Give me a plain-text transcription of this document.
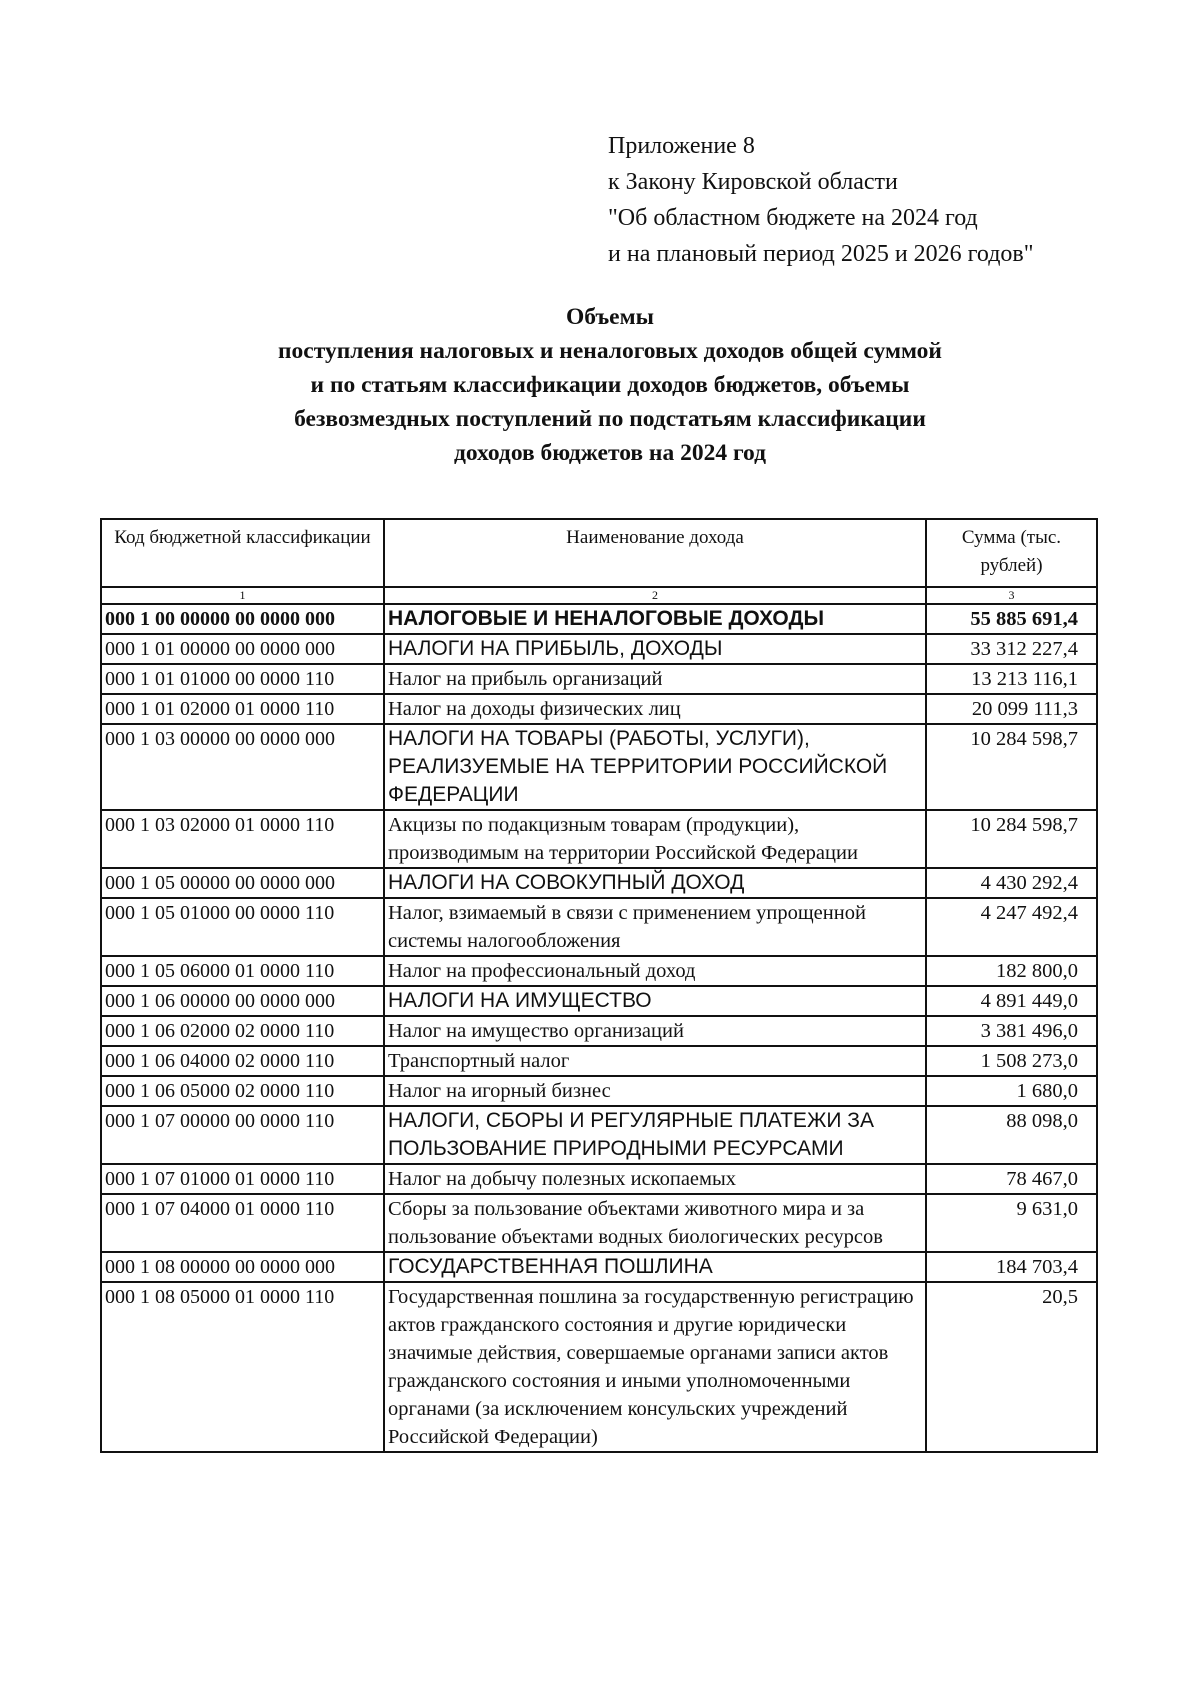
Приложение 8
к Закону Кировской области
"Об областном бюджете на 2024 год
и на плановый период 2025 и 2026 годов"
Объемы
поступления налоговых и неналоговых доходов общей суммой
и по статьям классификации доходов бюджетов, объемы
безвозмездных поступлений по подстатьям классификации
доходов бюджетов на 2024 год
Код бюджетной классификации	Наименование дохода	Сумма (тыс. рублей)
1	2	3
000 1 00 00000 00 0000 000	НАЛОГОВЫЕ И НЕНАЛОГОВЫЕ ДОХОДЫ	55 885 691,4
000 1 01 00000 00 0000 000	НАЛОГИ НА ПРИБЫЛЬ, ДОХОДЫ	33 312 227,4
000 1 01 01000 00 0000 110	Налог на прибыль организаций	13 213 116,1
000 1 01 02000 01 0000 110	Налог на доходы физических лиц	20 099 111,3
000 1 03 00000 00 0000 000	НАЛОГИ НА ТОВАРЫ (РАБОТЫ, УСЛУГИ), РЕАЛИЗУЕМЫЕ НА ТЕРРИТОРИИ РОССИЙСКОЙ ФЕДЕРАЦИИ	10 284 598,7
000 1 03 02000 01 0000 110	Акцизы по подакцизным товарам (продукции), производимым на территории Российской Федерации	10 284 598,7
000 1 05 00000 00 0000 000	НАЛОГИ НА СОВОКУПНЫЙ ДОХОД	4 430 292,4
000 1 05 01000 00 0000 110	Налог, взимаемый в связи с применением упрощенной системы налогообложения	4 247 492,4
000 1 05 06000 01 0000 110	Налог на профессиональный доход	182 800,0
000 1 06 00000 00 0000 000	НАЛОГИ НА ИМУЩЕСТВО	4 891 449,0
000 1 06 02000 02 0000 110	Налог на имущество организаций	3 381 496,0
000 1 06 04000 02 0000 110	Транспортный налог	1 508 273,0
000 1 06 05000 02 0000 110	Налог на игорный бизнес	1 680,0
000 1 07 00000 00 0000 110	НАЛОГИ, СБОРЫ И РЕГУЛЯРНЫЕ ПЛАТЕЖИ ЗА ПОЛЬЗОВАНИЕ ПРИРОДНЫМИ РЕСУРСАМИ	88 098,0
000 1 07 01000 01 0000 110	Налог на добычу полезных ископаемых	78 467,0
000 1 07 04000 01 0000 110	Сборы за пользование объектами животного мира и за пользование объектами водных биологических ресурсов	9 631,0
000 1 08 00000 00 0000 000	ГОСУДАРСТВЕННАЯ ПОШЛИНА	184 703,4
000 1 08 05000 01 0000 110	Государственная пошлина за государственную регистрацию актов гражданского состояния и другие юридически значимые действия, совершаемые органами записи актов гражданского состояния и иными уполномоченными органами (за исключением консульских учреждений Российской Федерации)	20,5
